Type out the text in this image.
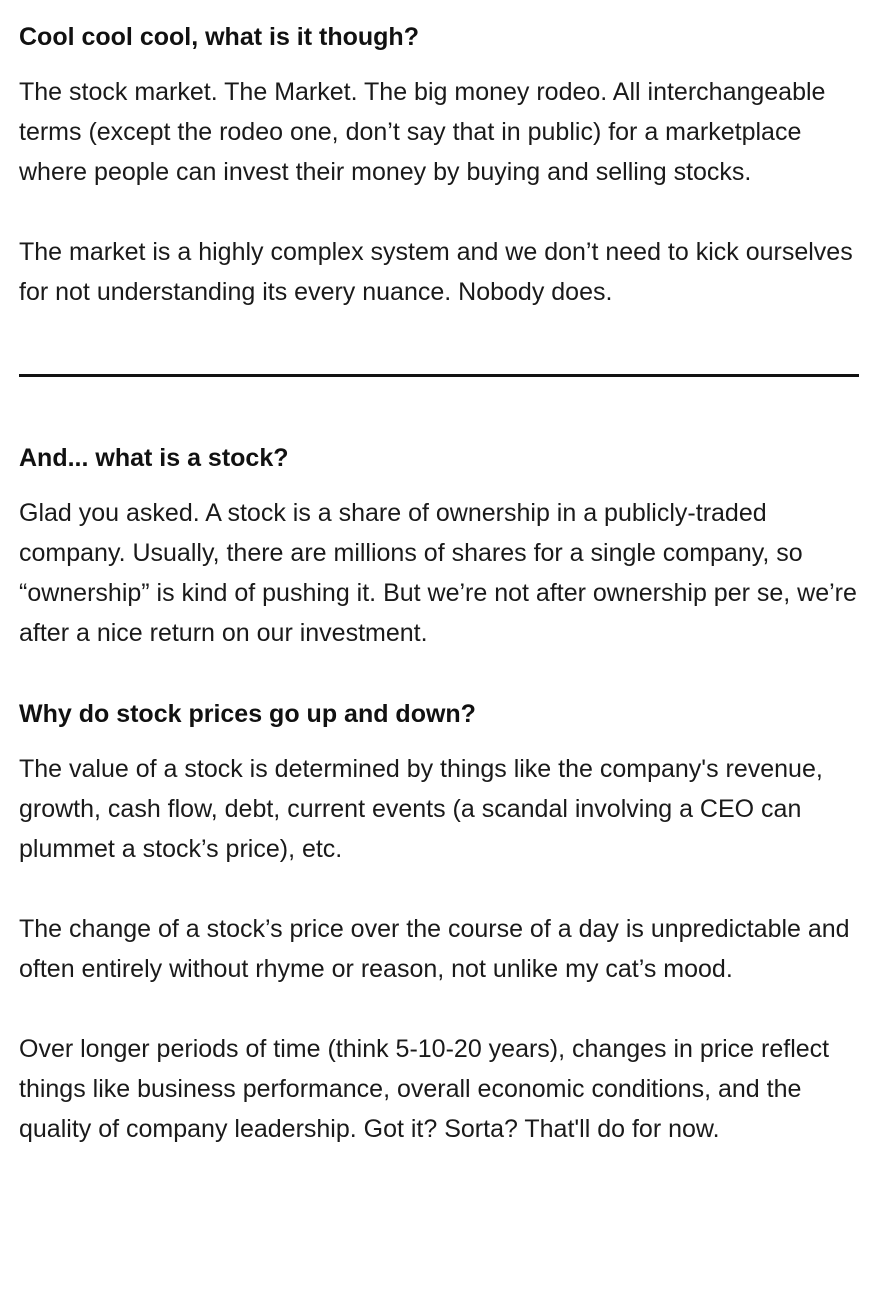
Cool cool cool, what is it though?

The stock market. The Market. The big money rodeo. All interchangeable terms (except the rodeo one, don’t say that in public) for a marketplace where people can invest their money by buying and selling stocks.

The market is a highly complex system and we don’t need to kick ourselves for not understanding its every nuance. Nobody does.

And... what is a stock?

Glad you asked. A stock is a share of ownership in a publicly-traded company. Usually, there are millions of shares for a single company, so “ownership” is kind of pushing it. But we’re not after ownership per se, we’re after a nice return on our investment.

Why do stock prices go up and down?

The value of a stock is determined by things like the company's revenue, growth, cash flow, debt, current events (a scandal involving a CEO can plummet a stock’s price), etc.

The change of a stock’s price over the course of a day is unpredictable and often entirely without rhyme or reason, not unlike my cat’s mood.

Over longer periods of time (think 5-10-20 years), changes in price reflect things like business performance, overall economic conditions, and the quality of company leadership. Got it? Sorta? That'll do for now.
